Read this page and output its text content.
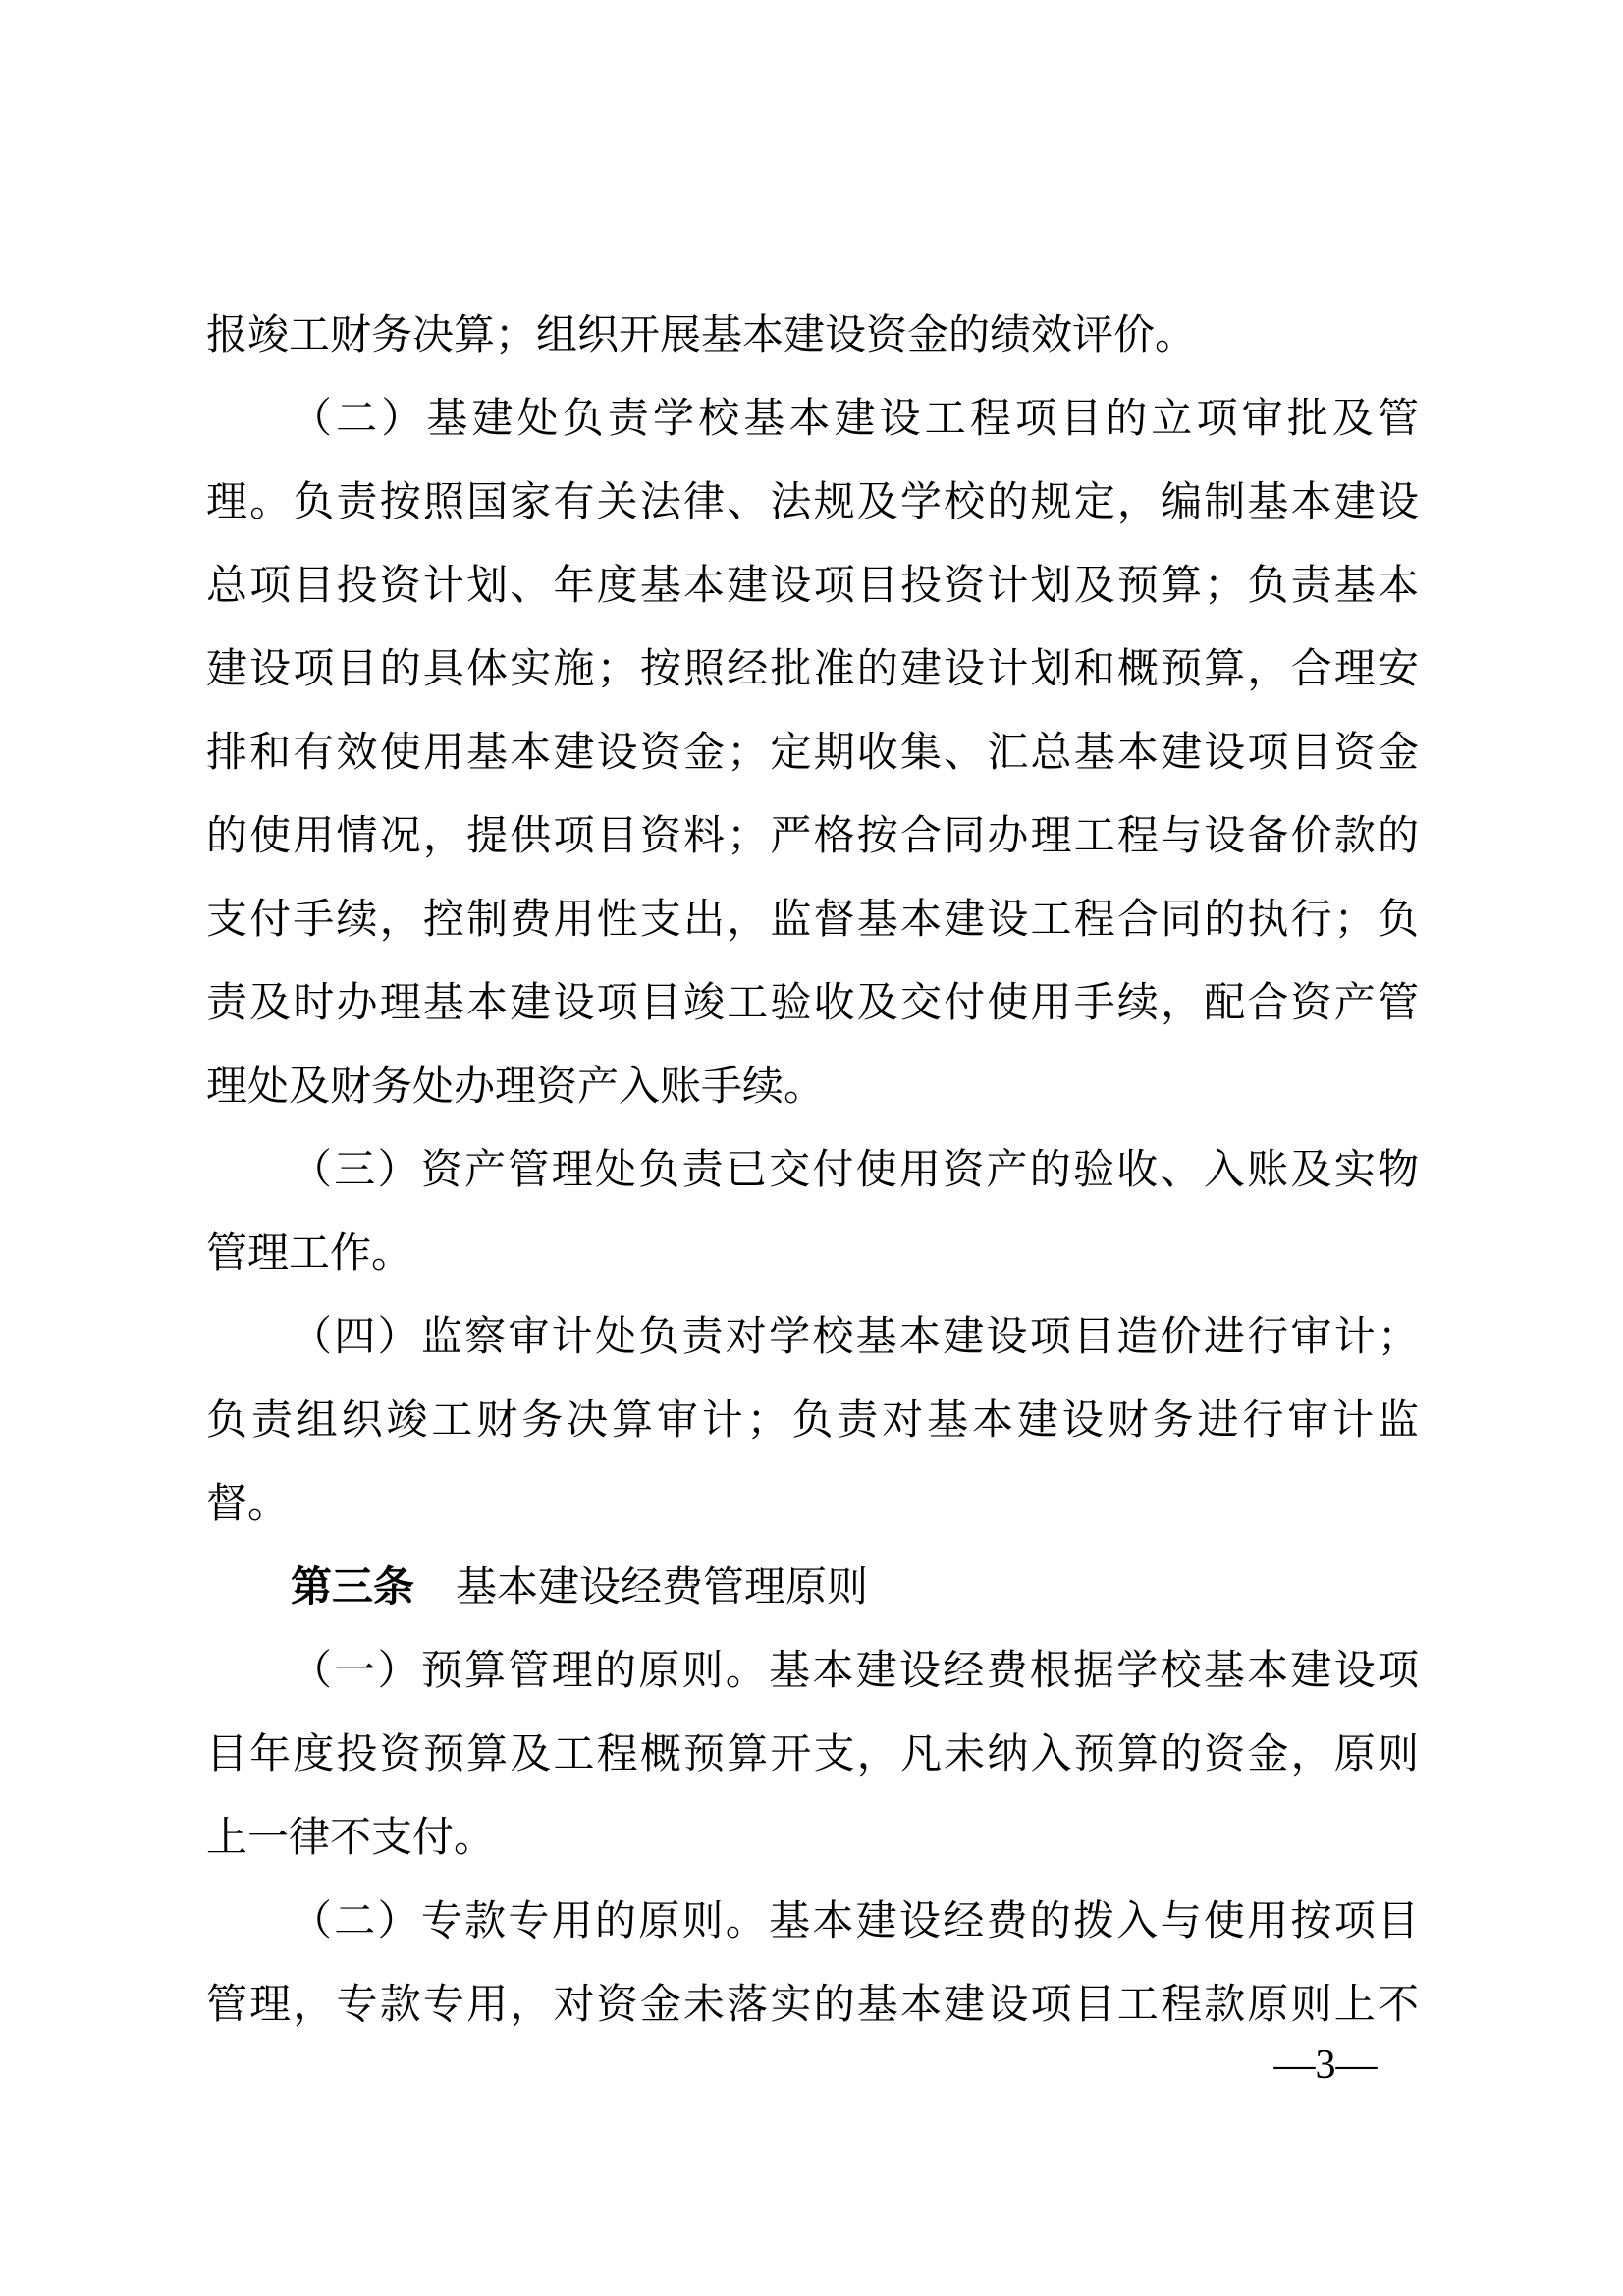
报竣工财务决算；组织开展基本建设资金的绩效评价。
（二）基建处负责学校基本建设工程项目的立项审批及管
理。负责按照国家有关法律、法规及学校的规定，编制基本建设
总项目投资计划、年度基本建设项目投资计划及预算；负责基本
建设项目的具体实施；按照经批准的建设计划和概预算，合理安
排和有效使用基本建设资金；定期收集、汇总基本建设项目资金
的使用情况，提供项目资料；严格按合同办理工程与设备价款的
支付手续，控制费用性支出，监督基本建设工程合同的执行；负
责及时办理基本建设项目竣工验收及交付使用手续，配合资产管
理处及财务处办理资产入账手续。
（三）资产管理处负责已交付使用资产的验收、入账及实物
管理工作。
（四）监察审计处负责对学校基本建设项目造价进行审计；
负责组织竣工财务决算审计；负责对基本建设财务进行审计监
督。
第三条　基本建设经费管理原则
（一）预算管理的原则。基本建设经费根据学校基本建设项
目年度投资预算及工程概预算开支，凡未纳入预算的资金，原则
上一律不支付。
（二）专款专用的原则。基本建设经费的拨入与使用按项目
管理，专款专用，对资金未落实的基本建设项目工程款原则上不
—3—
